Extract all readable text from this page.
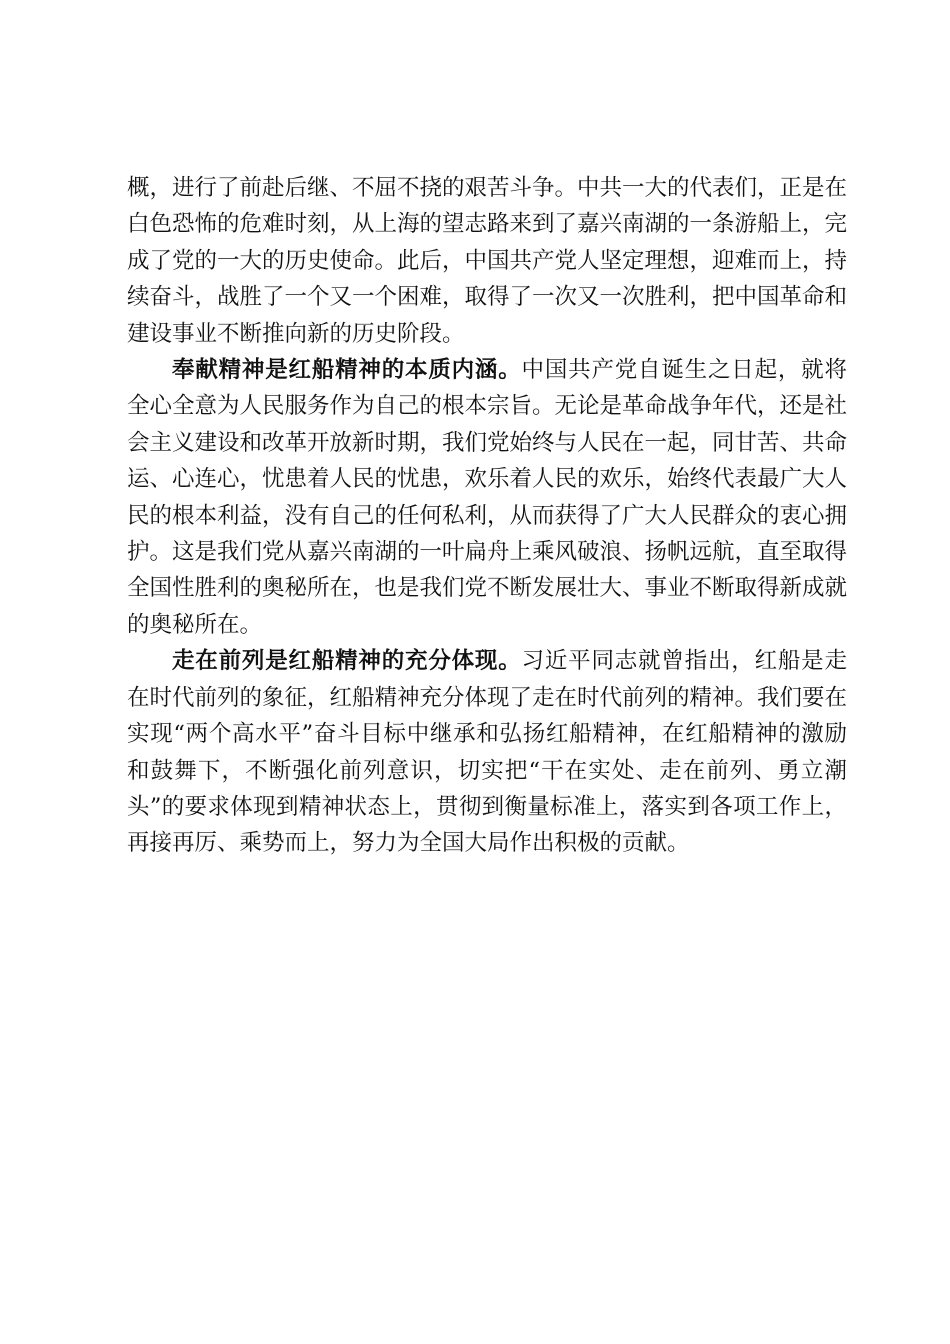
概，进行了前赴后继、不屈不挠的艰苦斗争。中共一大的代表们，正是在白色恐怖的危难时刻，从上海的望志路来到了嘉兴南湖的一条游船上，完成了党的一大的历史使命。此后，中国共产党人坚定理想，迎难而上，持续奋斗，战胜了一个又一个困难，取得了一次又一次胜利，把中国革命和建设事业不断推向新的历史阶段。

奉献精神是红船精神的本质内涵。中国共产党自诞生之日起，就将全心全意为人民服务作为自己的根本宗旨。无论是革命战争年代，还是社会主义建设和改革开放新时期，我们党始终与人民在一起，同甘苦、共命运、心连心，忧患着人民的忧患，欢乐着人民的欢乐，始终代表最广大人民的根本利益，没有自己的任何私利，从而获得了广大人民群众的衷心拥护。这是我们党从嘉兴南湖的一叶扁舟上乘风破浪、扬帆远航，直至取得全国性胜利的奥秘所在，也是我们党不断发展壮大、事业不断取得新成就的奥秘所在。

走在前列是红船精神的充分体现。习近平同志就曾指出，红船是走在时代前列的象征，红船精神充分体现了走在时代前列的精神。我们要在实现“两个高水平”奋斗目标中继承和弘扬红船精神，在红船精神的激励和鼓舞下，不断强化前列意识，切实把“干在实处、走在前列、勇立潮头”的要求体现到精神状态上，贯彻到衡量标准上，落实到各项工作上，再接再厉、乘势而上，努力为全国大局作出积极的贡献。
